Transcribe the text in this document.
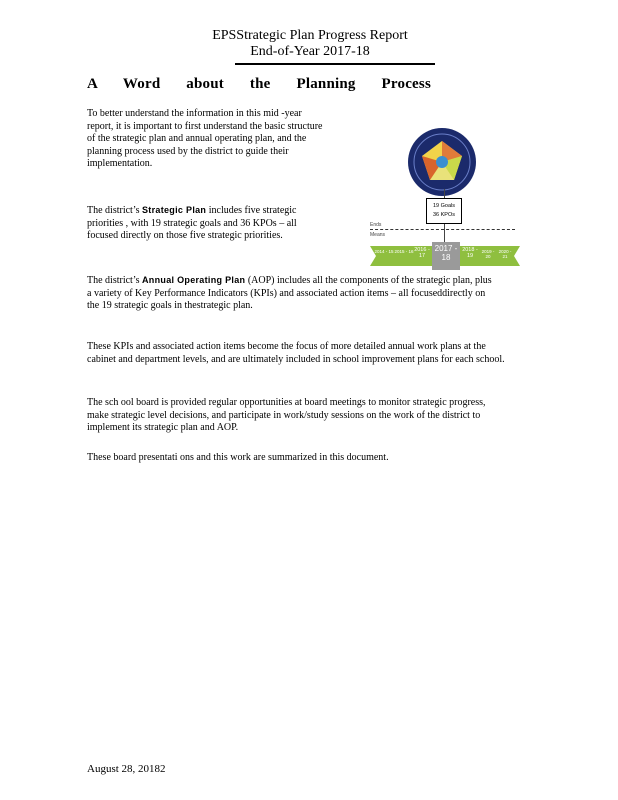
EPSStrategic Plan Progress Report
End-of-Year 2017-18
A Word about the Planning Process

To better understand the information in this mid -year report, it is important to first understand the basic structure of the strategic plan and annual operating plan, and the planning process used by the district to guide their implementation.

The district’s Strategic Plan includes five strategic priorities , with 19 strategic goals and 36 KPOs – all focused directly on those five strategic priorities.

The district’s Annual Operating Plan (AOP) includes all the components of the strategic plan, plus a variety of Key Performance Indicators (KPIs) and associated action items – all focuseddirectly on the 19 strategic goals in thestrategic plan.

These KPIs and associated action items become the focus of more detailed annual work plans at the cabinet and department levels, and are ultimately included in school improvement plans for each school.

The sch ool board is provided regular opportunities at board meetings to monitor strategic progress, make strategic level decisions, and participate in work/study sessions on the work of the district to implement its strategic plan and AOP.

These board presentati ons and this work are summarized in this document.

19 Goals
36 KPOs
Ends
Means
2014 - 15 2015 - 16 2016 - 17
2017 - 18
2018 - 19
2019 - 20
2020 - 21
August 28, 20182
